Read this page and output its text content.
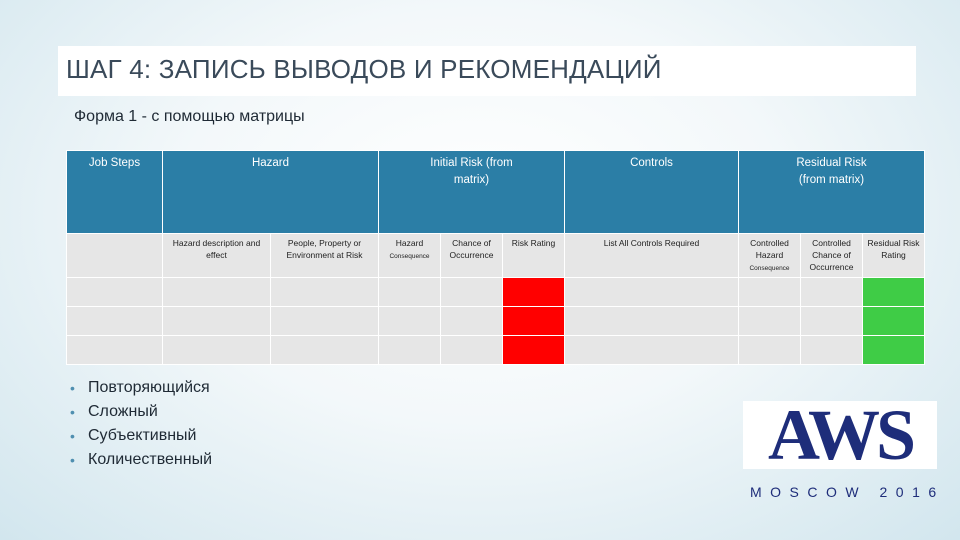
ШАГ 4: ЗАПИСЬ ВЫВОДОВ И РЕКОМЕНДАЦИЙ

Форма 1 - с помощью матрицы

Job Steps	Hazard		Initial Risk (from matrix)			Controls	Residual Risk (from matrix)		
	Hazard description and effect	People, Property or Environment at Risk	Hazard
Consequence	Chance of Occurrence	Risk Rating	List All Controls Required	Controlled Hazard
Consequence	Controlled Chance of Occurrence	Residual Risk Rating

• Повторяющийся
• Сложный
• Субъективный
• Количественный	AWS

MOSCOW 2016
